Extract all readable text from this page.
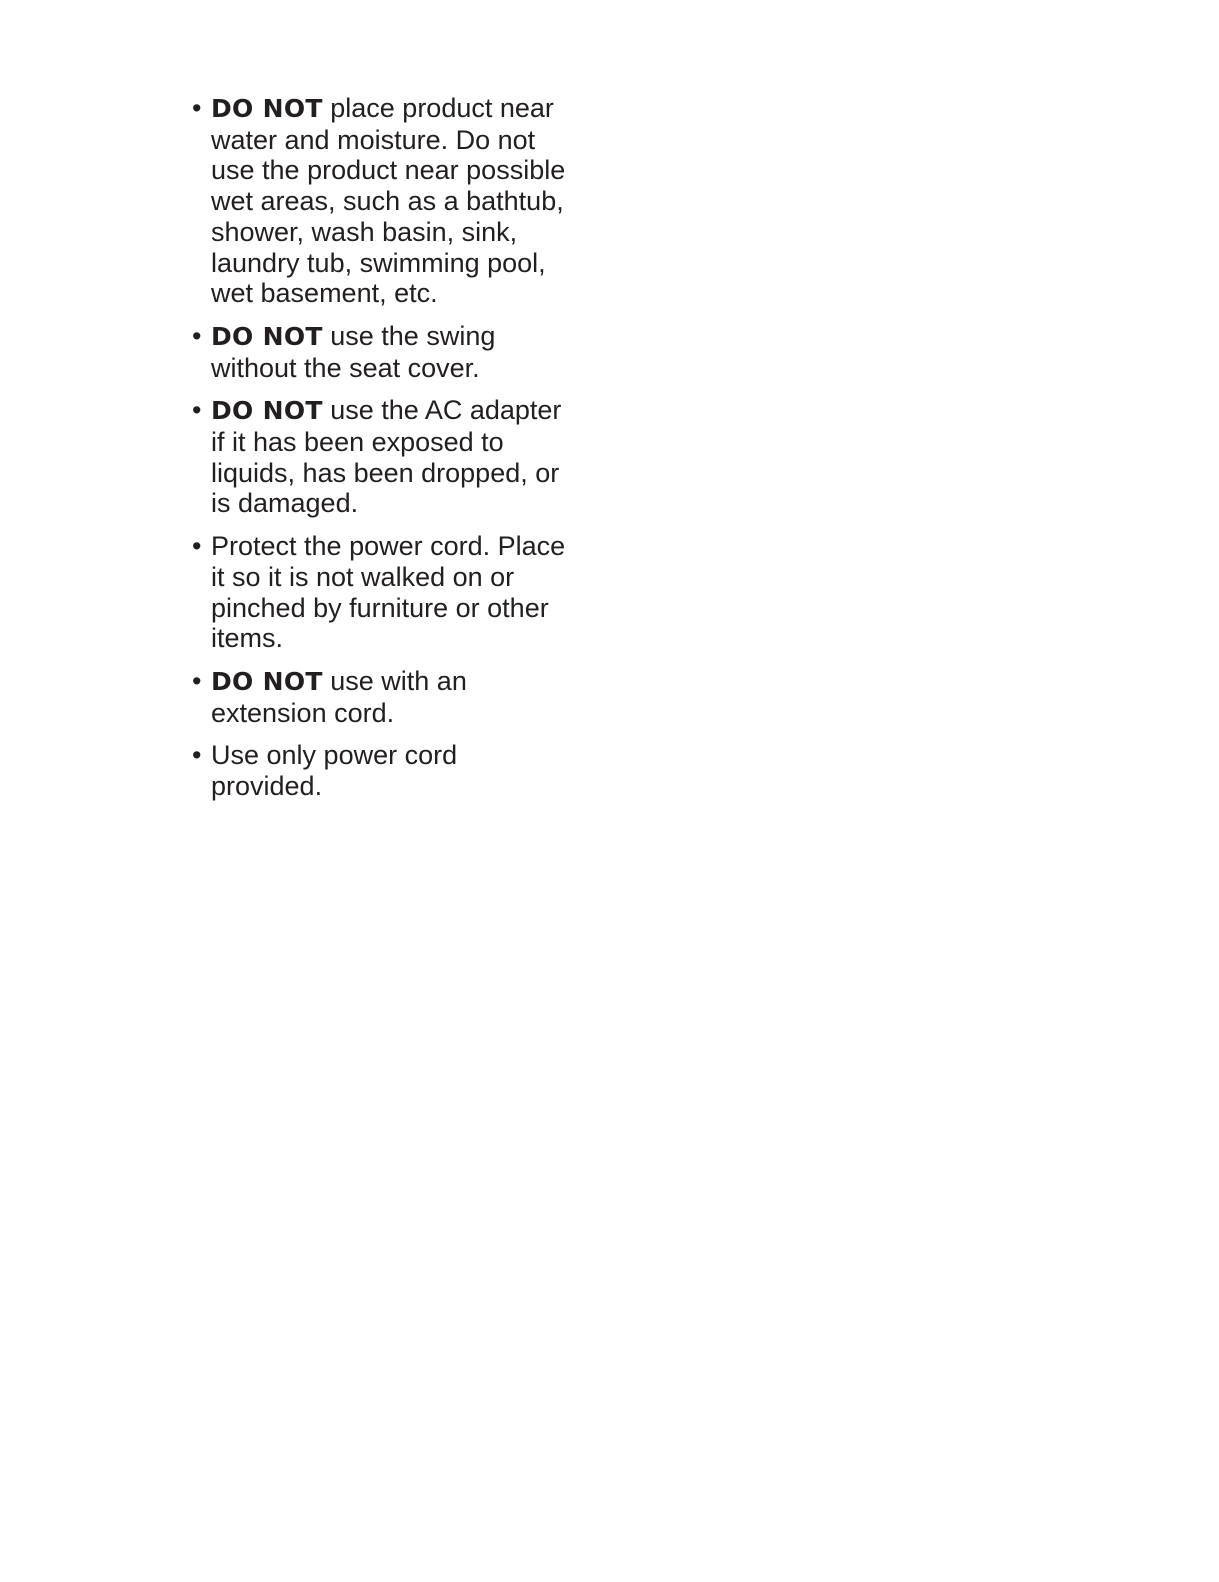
• DO NOT place product near
water and moisture. Do not
use the product near possible
wet areas, such as a bathtub,
shower, wash basin, sink,
laundry tub, swimming pool,
wet basement, etc.
• DO NOT use the swing
without the seat cover.
• DO NOT use the AC adapter
if it has been exposed to
liquids, has been dropped, or
is damaged.
• Protect the power cord. Place
it so it is not walked on or
pinched by furniture or other
items.
• DO NOT use with an
extension cord.
• Use only power cord
provided.
